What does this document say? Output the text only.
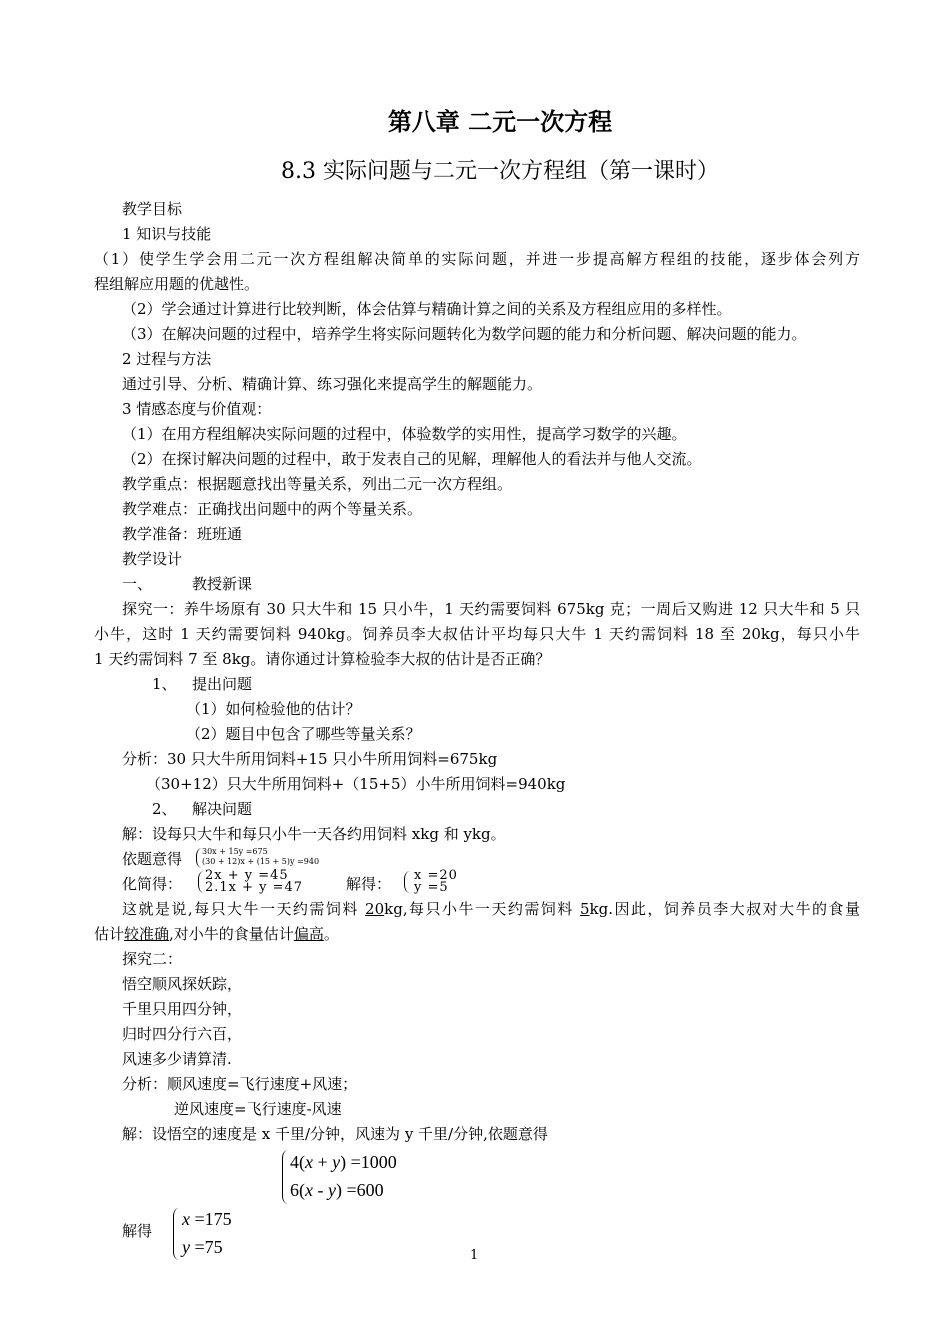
第八章 二元一次方程
8.3 实际问题与二元一次方程组（第一课时）
教学目标
1 知识与技能
（1）使学生学会用二元一次方程组解决简单的实际问题，并进一步提高解方程组的技能，逐步体会列方
程组解应用题的优越性。
（2）学会通过计算进行比较判断，体会估算与精确计算之间的关系及方程组应用的多样性。
（3）在解决问题的过程中，培养学生将实际问题转化为数学问题的能力和分析问题、解决问题的能力。
2 过程与方法
通过引导、分析、精确计算、练习强化来提高学生的解题能力。
3 情感态度与价值观：
（1）在用方程组解决实际问题的过程中，体验数学的实用性，提高学习数学的兴趣。
（2）在探讨解决问题的过程中，敢于发表自己的见解，理解他人的看法并与他人交流。
教学重点：根据题意找出等量关系，列出二元一次方程组。
教学难点：正确找出问题中的两个等量关系。
教学准备：班班通
教学设计
一、	教授新课
探究一：养牛场原有 30 只大牛和 15 只小牛，1 天约需要饲料 675kg 克；一周后又购进 12 只大牛和 5 只
小牛，这时 1 天约需要饲料 940kg。饲养员李大叔估计平均每只大牛 1 天约需饲料 18 至 20kg，每只小牛
1 天约需饲料 7 至 8kg。请你通过计算检验李大叔的估计是否正确？
1、 提出问题
（1）如何检验他的估计？
（2）题目中包含了哪些等量关系？
分析：30 只大牛所用饲料+15 只小牛所用饲料=675kg
（30+12）只大牛所用饲料+（15+5）小牛所用饲料=940kg
2、 解决问题
解：设每只大牛和每只小牛一天各约用饲料 xkg 和 ykg。
依题意得 30x + 15y =675
(30 + 12)x + (15 + 5)y =940
化简得： 2x + y =45
2.1x + y =47	解得： x =20
y =5
这就是说,每只大牛一天约需饲料 20kg,每只小牛一天约需饲料 5kg.因此，饲养员李大叔对大牛的食量
估计较准确,对小牛的食量估计偏高。
探究二：
悟空顺风探妖踪，
千里只用四分钟，
归时四分行六百，
风速多少请算清.
分析：顺风速度=飞行速度+风速；
逆风速度=飞行速度-风速
解：设悟空的速度是 x 千里/分钟，风速为 y 千里/分钟,依题意得
4(x + y) =1000
6(x - y) =600
解得
x =175
y =75	1
